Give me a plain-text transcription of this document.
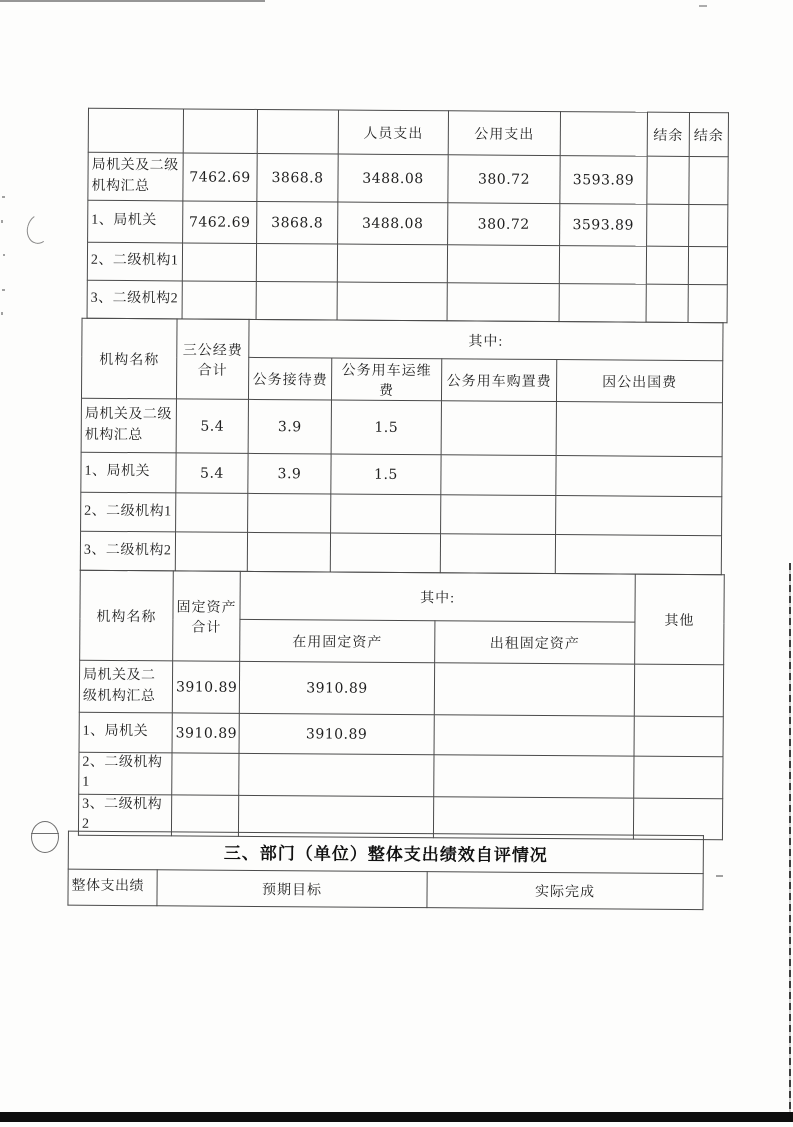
			人员支出	公用支出		结余	结余
局机关及二级机构汇总	7462.69	3868.8	3488.08	380.72	3593.89		
1、局机关	7462.69	3868.8	3488.08	380.72	3593.89		
2、二级机构1							
3、二级机构2							
机构名称	三公经费合计	其中:			
		公务接待费	公务用车运维费	公务用车购置费	因公出国费
局机关及二级机构汇总	5.4	3.9	1.5		
1、局机关	5.4	3.9	1.5		
2、二级机构1					
3、二级机构2					
机构名称	固定资产合计	其中:		其他
		在用固定资产	出租固定资产	
局机关及二级机构汇总	3910.89	3910.89		
1、局机关	3910.89	3910.89		
2、二级机构1				
3、二级机构2				
三、部门（单位）整体支出绩效自评情况
整体支出绩	预期目标	实际完成
